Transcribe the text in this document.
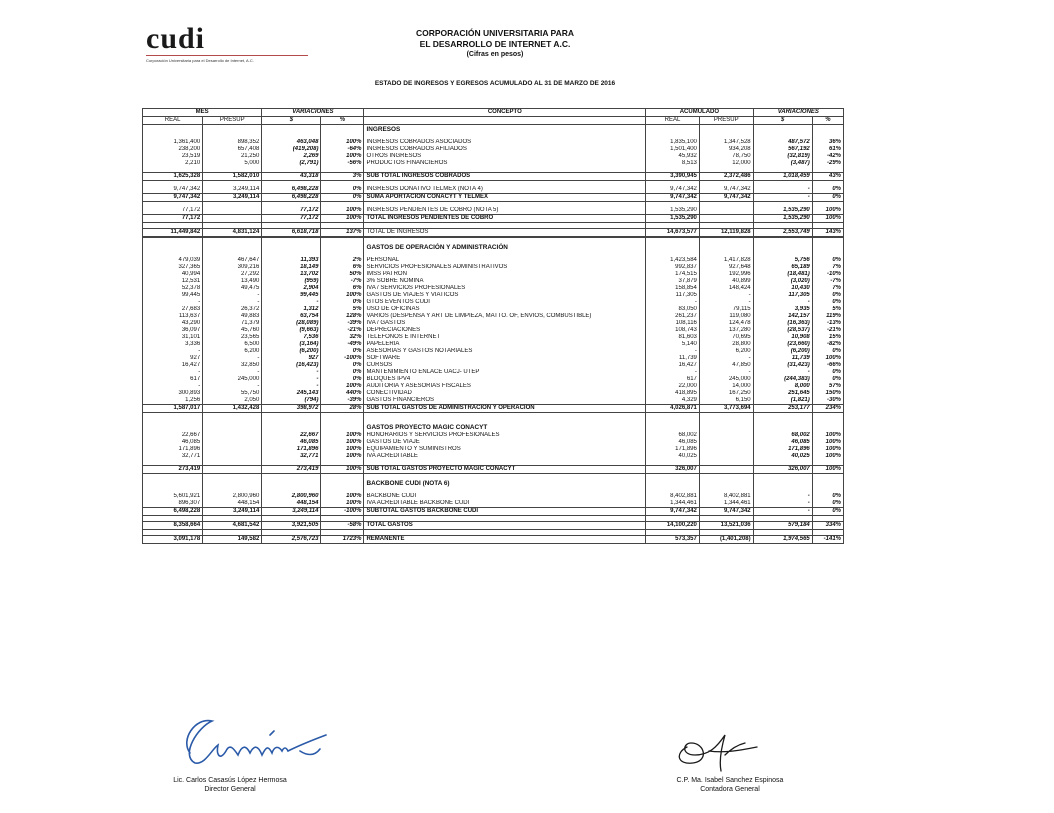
cudi
Corporación Universitaria para el Desarrollo de Internet, A.C.
CORPORACIÓN UNIVERSITARIA PARA
EL DESARROLLO DE INTERNET A.C.
(Cifras en pesos)
ESTADO DE INGRESOS Y EGRESOS ACUMULADO AL 31 DE MARZO DE 2016
MES		VARIACIONES		CONCEPTO	ACUMULADO		VARIACIONES	
REAL	PRESUP	$	%		REAL	PRESUP	$	%
				INGRESOS				

1,361,400	898,352	463,048	100%	INGRESOS COBRADOS ASOCIADOS	1,835,100	1,347,528	487,572	36%
238,200	657,408	(419,208)	-64%	INGRESOS COBRADOS AFILIADOS	1,501,400	934,208	567,192	61%
23,519	21,250	2,269	100%	OTROS INGRESOS	45,932	78,750	(32,819)	-42%
2,210	5,000	(2,791)	-56%	PRODUCTOS FINANCIEROS	8,513	12,000	(3,487)	-29%

1,625,328	1,582,010	43,318	3%	SUB TOTAL INGRESOS COBRADOS	3,390,945	2,372,486	1,018,459	43%

9,747,342	3,249,114	6,498,228	0%	INGRESOS DONATIVO TELMEX (NOTA 4)	9,747,342	9,747,342	-	0%
9,747,342	3,249,114	6,498,228	0%	SUMA APORTACION CONACYT Y TELMEX	9,747,342	9,747,342	-	0%

77,172		77,172	100%	INGRESOS PENDIENTES DE COBRO (NOTA 5)	1,535,290		1,535,290	100%
77,172		77,172	100%	TOTAL INGRESOS PENDIENTES DE COBRO	1,535,290		1,535,290	100%

11,449,842	4,831,124	6,618,718	137%	TOTAL DE INGRESOS	14,673,577	12,119,828	2,553,749	143%

				GASTOS DE OPERACIÓN Y ADMINISTRACIÓN				

479,039	467,647	11,393	2%	PERSONAL	1,423,584	1,417,828	5,756	0%
327,365	309,216	18,149	6%	SERVICIOS PROFESIONALES ADMINISTRATIVOS	992,837	927,648	65,189	7%
40,994	27,292	13,702	50%	IMSS PATRÓN	174,515	192,996	(18,481)	-10%
12,531	13,490	(959)	-7%	3% SOBRE NÓMINA	37,879	40,899	(3,020)	-7%
52,378	49,475	2,904	6%	IVA / SERVICIOS PROFESIONALES	158,854	148,424	10,430	7%
99,445	-	99,445	100%	GASTOS DE VIAJES Y VIATICOS	117,305	-	117,305	0%
-	-	-	0%	GTOS EVENTOS CUDI	-	-	-	0%
27,683	26,372	1,312	5%	USO DE OFICINAS	83,050	79,115	3,935	5%
113,637	49,883	63,754	128%	VARIOS (DESPENSA Y ART DE LIMPIEZA, MATTO. OF, ENVIOS, COMBUSTIBLE)	261,237	119,080	142,157	119%
43,290	71,379	(28,089)	-39%	IVA / GASTOS	108,116	124,478	(16,363)	-13%
36,097	45,760	(9,663)	-21%	DEPRECIACIONES	108,743	137,280	(28,537)	-21%
31,101	23,565	7,536	32%	TELEFONOS E INTERNET	81,603	70,695	10,908	15%
3,336	6,500	(3,164)	-49%	PAPELERIA	5,140	28,800	(23,660)	-82%
-	6,200	(6,200)	0%	ASESORIAS Y GASTOS NOTARIALES	-	6,200	(6,200)	0%
927	-	927	-100%	SOFTWARE	11,739	-	11,739	100%
16,427	32,850	(16,423)	0%	CURSOS	16,427	47,850	(31,423)	-66%
-	-	-	0%	MANTENIMIENTO ENLACE UACJ- UTEP	-	-	-	0%
617	245,000	-	0%	BLOQUES IPV4	617	245,000	(244,383)	0%
-	-	-	100%	AUDITORIA Y ASESORIAS FISCALES	22,000	14,000	8,000	57%
300,893	55,750	245,143	440%	CONECTIVIDAD	418,895	167,250	251,645	150%
1,256	2,050	(794)	-39%	GASTOS FINANCIEROS	4,329	6,150	(1,821)	-30%
1,587,017	1,432,428	398,972	28%	SUB TOTAL GASTOS DE ADMINISTRACIÓN Y OPERACIÓN	4,026,871	3,773,694	253,177	234%

				GASTOS PROYECTO MAGIC CONACYT				
22,667		22,667	100%	HONORARIOS Y SERVICIOS PROFESIONALES	68,002		68,002	100%
46,085		46,085	100%	GASTOS DE VIAJE	46,085		46,085	100%
171,896		171,896	100%	EQUIPAMIENTO Y SUMINISTROS	171,896		171,896	100%
32,771		32,771	100%	IVA ACREDITABLE	40,025		40,025	100%

273,419		273,419	100%	SUB TOTAL GASTOS PROYECTO MAGIC CONACYT	326,007		326,007	100%

				BACKBONE CUDI (NOTA 6)				

5,601,921	2,800,960	2,800,960	100%	BACKBONE CUDI	8,402,881	8,402,881	-	0%
896,307	448,154	448,154	100%	IVA ACREDITABLE BACKBONE CUDI	1,344,461	1,344,461	-	0%
6,498,228	3,249,114	3,249,114	-100%	SUBTOTAL GASTOS BACKBONE CUDI	9,747,342	9,747,342	-	0%

8,358,664	4,681,542	3,921,505	-58%	TOTAL GASTOS	14,100,220	13,521,036	579,184	334%

3,091,178	149,582	2,576,723	1723%	REMANENTE	573,357	(1,401,208)	1,974,565	-141%
Lic. Carlos Casasús López Hermosa
Director General
C.P. Ma. Isabel Sanchez Espinosa
Contadora General
